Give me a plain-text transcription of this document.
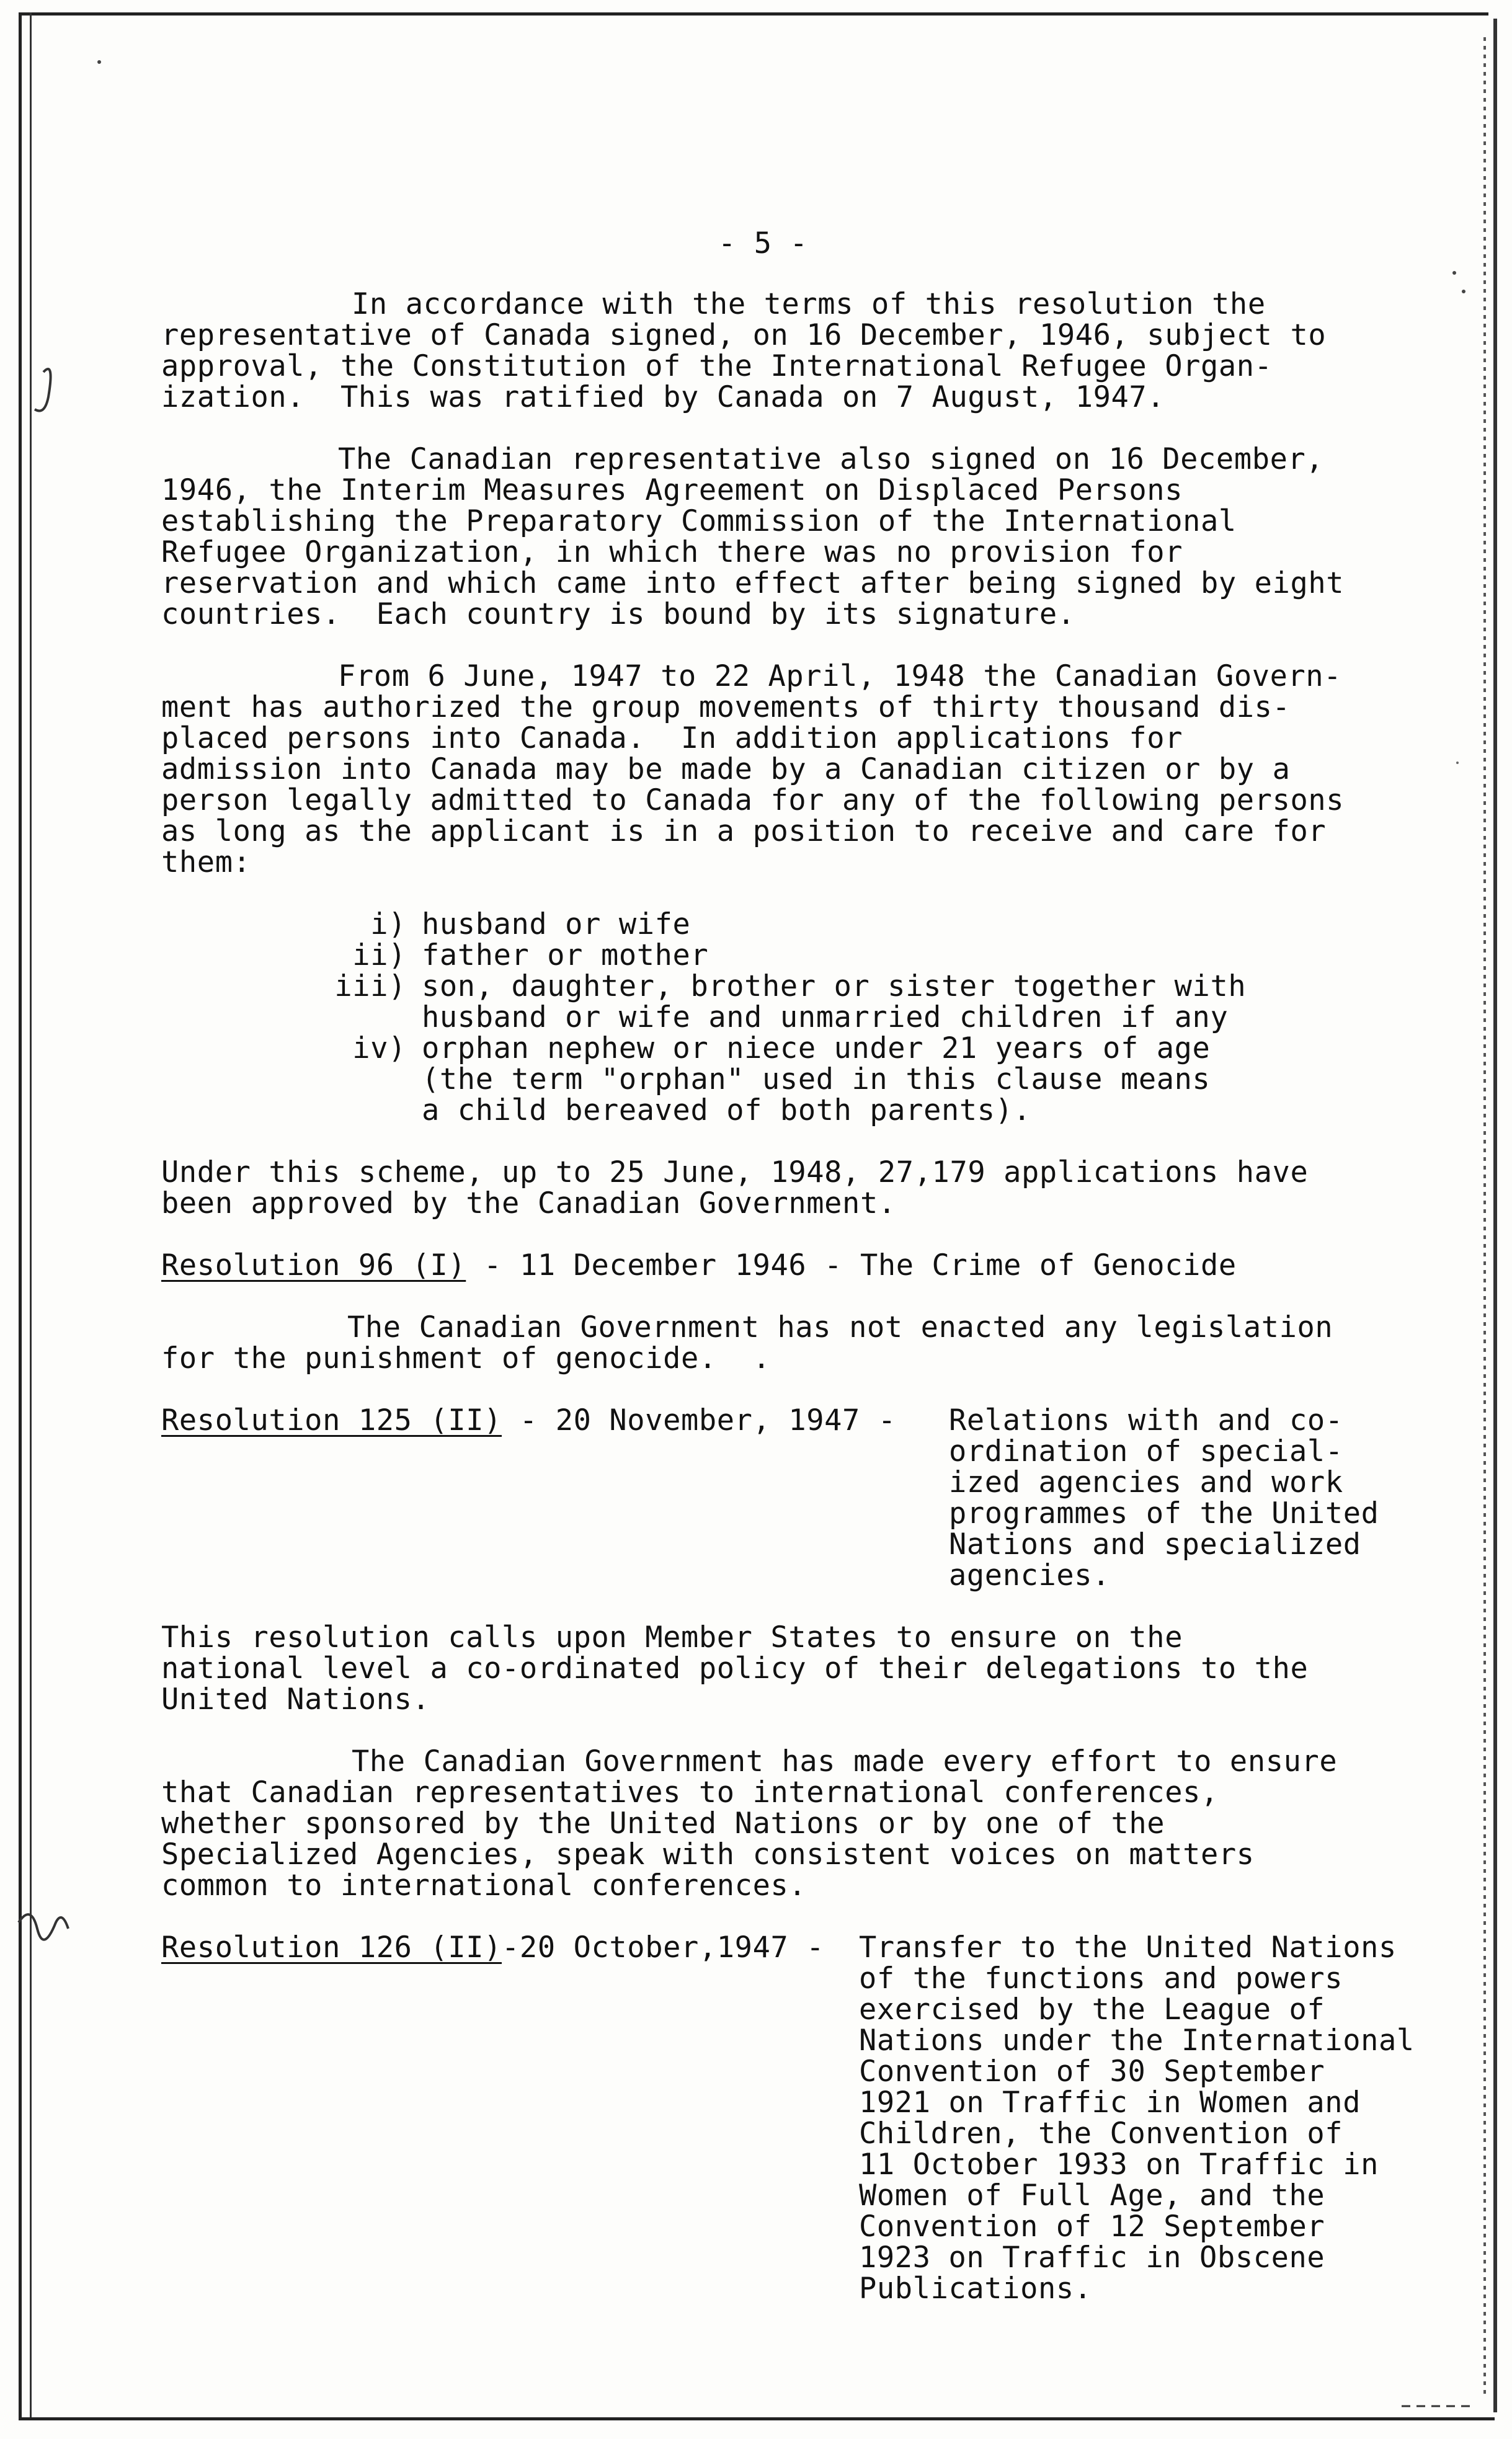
- 5 -
In accordance with the terms of this resolution the
representative of Canada signed, on 16 December, 1946, subject to
approval, the Constitution of the International Refugee Organ-
ization.  This was ratified by Canada on 7 August, 1947.
The Canadian representative also signed on 16 December,
1946, the Interim Measures Agreement on Displaced Persons
establishing the Preparatory Commission of the International
Refugee Organization, in which there was no provision for
reservation and which came into effect after being signed by eight
countries.  Each country is bound by its signature.
From 6 June, 1947 to 22 April, 1948 the Canadian Govern-
ment has authorized the group movements of thirty thousand dis-
placed persons into Canada.  In addition applications for
admission into Canada may be made by a Canadian citizen or by a
person legally admitted to Canada for any of the following persons
as long as the applicant is in a position to receive and care for
them:
i) husband or wife
ii) father or mother
iii) son, daughter, brother or sister together with
husband or wife and unmarried children if any
iv) orphan nephew or niece under 21 years of age
(the term "orphan" used in this clause means
a child bereaved of both parents).
Under this scheme, up to 25 June, 1948, 27,179 applications have
been approved by the Canadian Government.
Resolution 96 (I) - 11 December 1946 - The Crime of Genocide
The Canadian Government has not enacted any legislation
for the punishment of genocide.  .
Resolution 125 (II) - 20 November, 1947 - Relations with and co-
ordination of special-
ized agencies and work
programmes of the United
Nations and specialized
agencies.
This resolution calls upon Member States to ensure on the
national level a co-ordinated policy of their delegations to the
United Nations.
The Canadian Government has made every effort to ensure
that Canadian representatives to international conferences,
whether sponsored by the United Nations or by one of the
Specialized Agencies, speak with consistent voices on matters
common to international conferences.
Resolution 126 (II)-20 October,1947 - Transfer to the United Nations
of the functions and powers
exercised by the League of
Nations under the International
Convention of 30 September
1921 on Traffic in Women and
Children, the Convention of
11 October 1933 on Traffic in
Women of Full Age, and the
Convention of 12 September
1923 on Traffic in Obscene
Publications.
